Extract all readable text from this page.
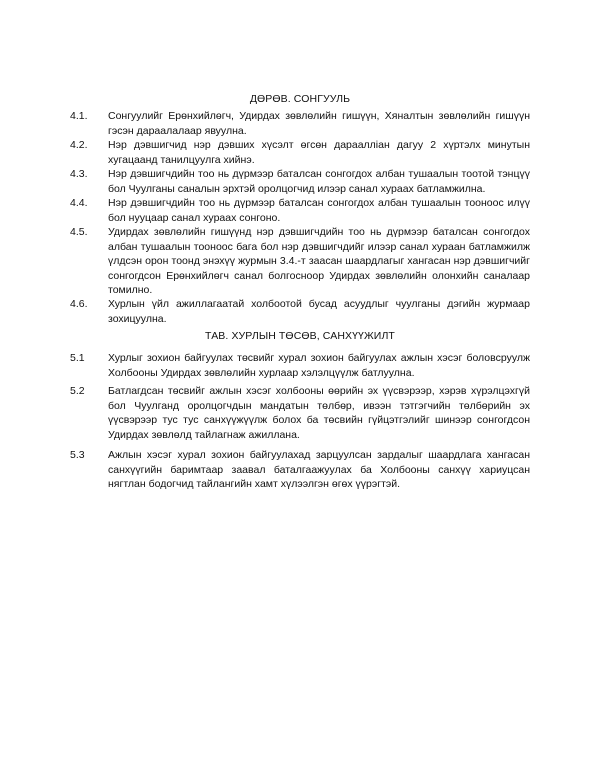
ДӨРӨВ. СОНГУУЛЬ
4.1.	Сонгуулийг Ерөнхийлөгч, Удирдах зөвлөлийн гишүүн, Хяналтын зөвлөлийн гишүүн гэсэн дараалалаар явуулна.
4.2.	Нэр дэвшигчид нэр дэвших хүсэлт өгсөн дараалліан дагуу 2 хүртэлх минутын хугацаанд танилцуулга хийнэ.
4.3.	Нэр дэвшигчдийн тоо нь дүрмээр баталсан сонгогдох албан тушаалын тоотой тэнцүү бол Чуулганы саналын эрхтэй оролцогчид илээр санал хураах батламжилна.
4.4.	Нэр дэвшигчдийн тоо нь дүрмээр баталсан сонгогдох албан тушаалын тооноос илүү бол нууцаар санал хураах сонгоно.
4.5.	Удирдах зөвлөлийн гишүүнд нэр дэвшигчдийн тоо нь дүрмээр баталсан сонгогдох албан тушаалын тооноос бага бол нэр дэвшигчдийг илээр санал хураан батламжилж үлдсэн орон тоонд энэхүү журмын 3.4.-т заасан шаардлагыг хангасан нэр дэвшигчийг сонгогдсон Ерөнхийлөгч санал болгосноор Удирдах зөвлөлийн олонхийн саналаар томилно.
4.6.	Хурлын үйл ажиллагаатай холбоотой бусад асуудлыг чуулганы дэгийн журмаар зохицуулна.
ТАВ. ХУРЛЫН ТӨСӨВ, САНХҮҮЖИЛТ
5.1	Хурлыг зохион байгуулах төсвийг хурал зохион байгуулах ажлын хэсэг боловсруулж Холбооны Удирдах зөвлөлийн хурлаар хэлэлцүүлж батлуулна.
5.2	Батлагдсан төсвийг ажлын хэсэг холбооны өөрийн эх үүсвэрээр, хэрэв хүрэлцэхгүй бол Чуулганд оролцогчдын мандатын төлбөр, ивээн тэтгэгчийн төлбөрийн эх үүсвэрээр тус тус санхүүжүүлж болох ба төсвийн гүйцэтгэлийг шинээр сонгогдсон Удирдах зөвлөлд тайлагнаж ажиллана.
5.3	Ажлын хэсэг хурал зохион байгуулахад зарцуулсан зардалыг шаардлага хангасан санхүүгийн баримтаар заавал баталгаажуулах ба Холбооны санхүү хариуцсан нягтлан бодогчид тайлангийн хамт хүлээлгэн өгөх үүрэгтэй.
